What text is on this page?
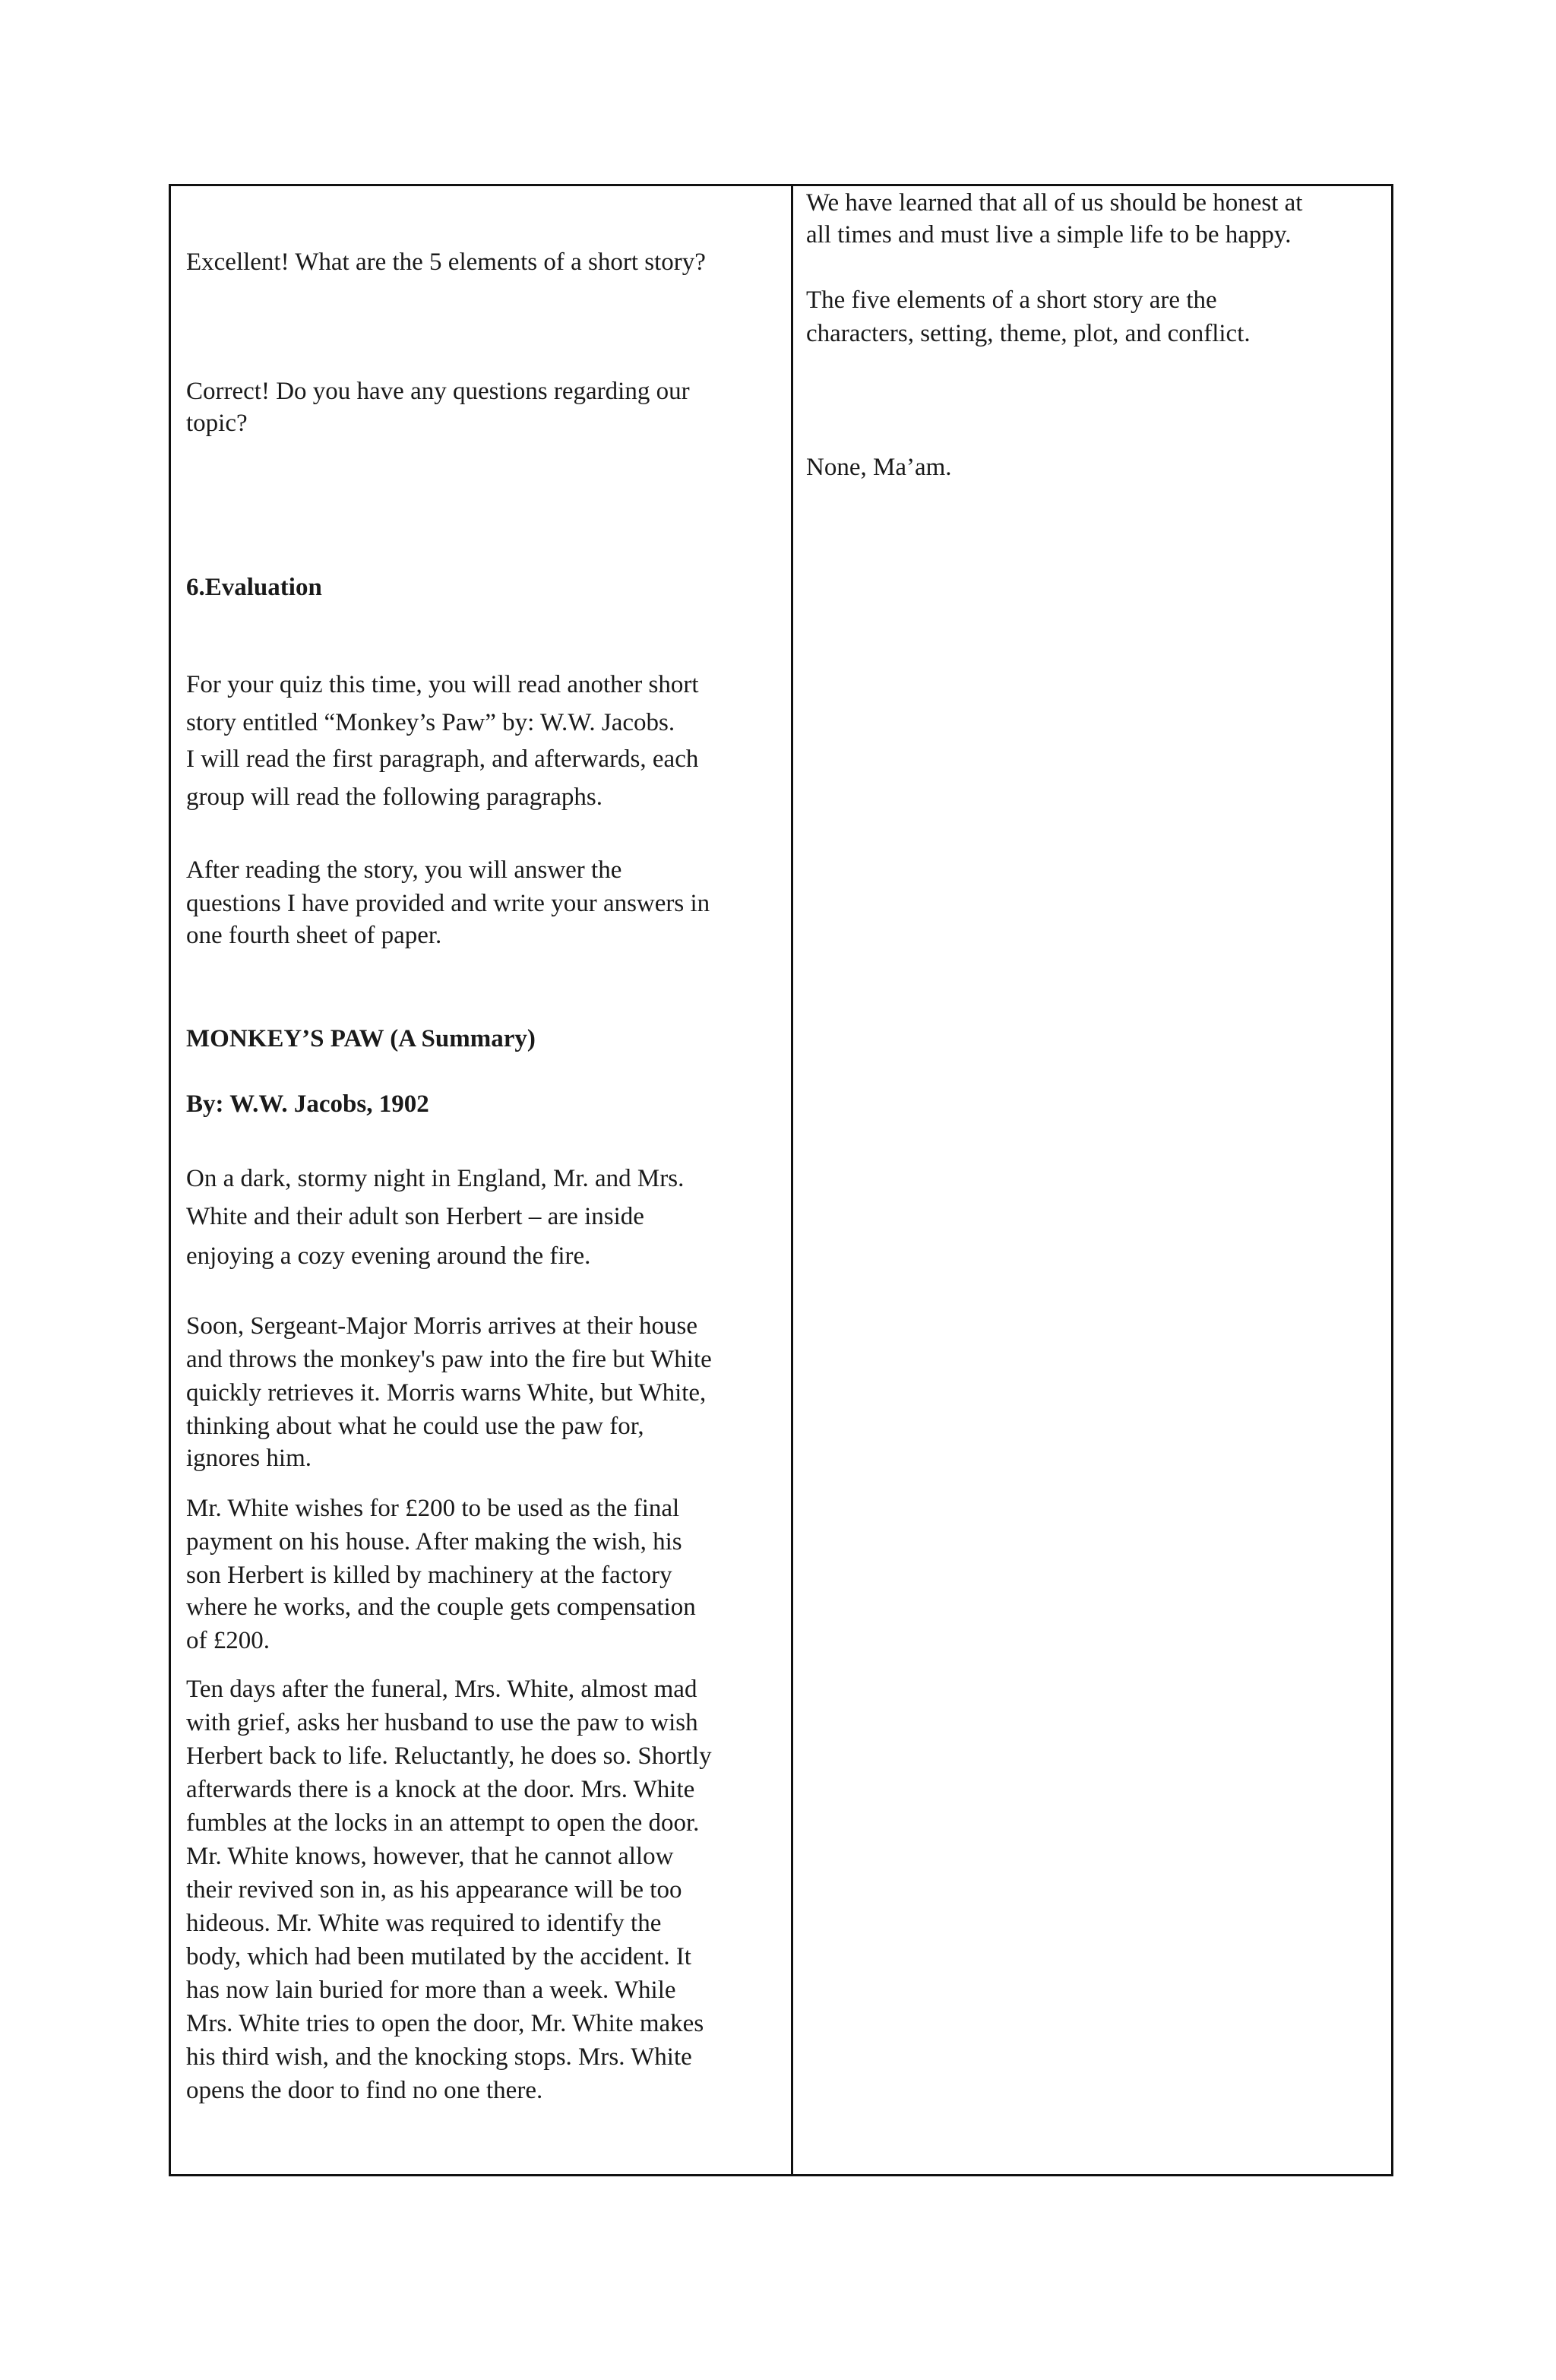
Excellent! What are the 5 elements of a short story?
Correct! Do you have any questions regarding our
topic?
6.Evaluation
For your quiz this time, you will read another short
story entitled “Monkey’s Paw” by: W.W. Jacobs.
I will read the first paragraph, and afterwards, each
group will read the following paragraphs.
After reading the story, you will answer the
questions I have provided and write your answers in
one fourth sheet of paper.
MONKEY’S PAW (A Summary)
By: W.W. Jacobs, 1902
On a dark, stormy night in England, Mr. and Mrs.
White and their adult son Herbert – are inside
enjoying a cozy evening around the fire.
Soon, Sergeant-Major Morris arrives at their house
and throws the monkey's paw into the fire but White
quickly retrieves it. Morris warns White, but White,
thinking about what he could use the paw for,
ignores him.
Mr. White wishes for £200 to be used as the final
payment on his house. After making the wish, his
son Herbert is killed by machinery at the factory
where he works, and the couple gets compensation
of £200.
Ten days after the funeral, Mrs. White, almost mad
with grief, asks her husband to use the paw to wish
Herbert back to life. Reluctantly, he does so. Shortly
afterwards there is a knock at the door. Mrs. White
fumbles at the locks in an attempt to open the door.
Mr. White knows, however, that he cannot allow
their revived son in, as his appearance will be too
hideous. Mr. White was required to identify the
body, which had been mutilated by the accident. It
has now lain buried for more than a week. While
Mrs. White tries to open the door, Mr. White makes
his third wish, and the knocking stops. Mrs. White
opens the door to find no one there.
We have learned that all of us should be honest at
all times and must live a simple life to be happy.
The five elements of a short story are the
characters, setting, theme, plot, and conflict.
None, Ma’am.
